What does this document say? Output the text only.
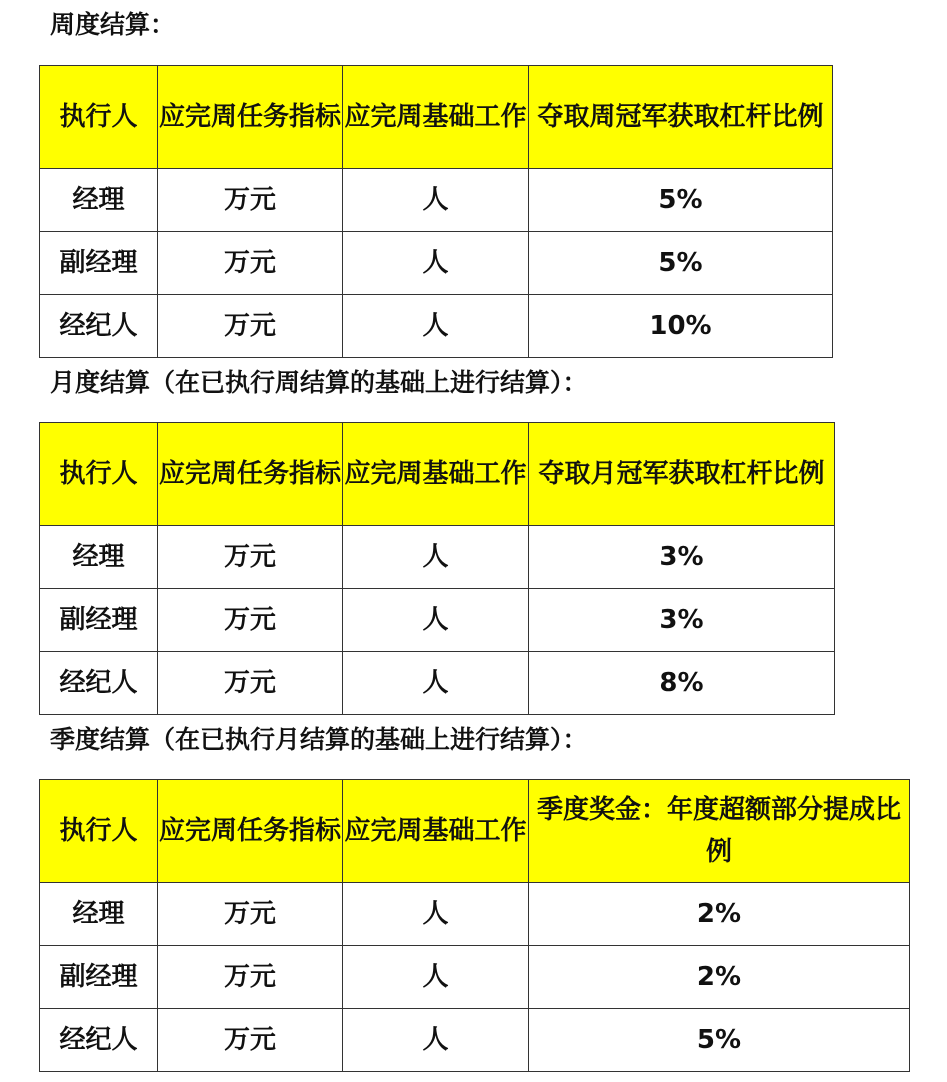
周度结算：
执行人	应完周任务指标	应完周基础工作	夺取周冠军获取杠杆比例
经理	万元	人	5%
副经理	万元	人	5%
经纪人	万元	人	10%
月度结算（在已执行周结算的基础上进行结算）：
执行人	应完周任务指标	应完周基础工作	夺取月冠军获取杠杆比例
经理	万元	人	3%
副经理	万元	人	3%
经纪人	万元	人	8%
季度结算（在已执行月结算的基础上进行结算）：
执行人	应完周任务指标	应完周基础工作	季度奖金：年度超额部分提成比例
经理	万元	人	2%
副经理	万元	人	2%
经纪人	万元	人	5%
